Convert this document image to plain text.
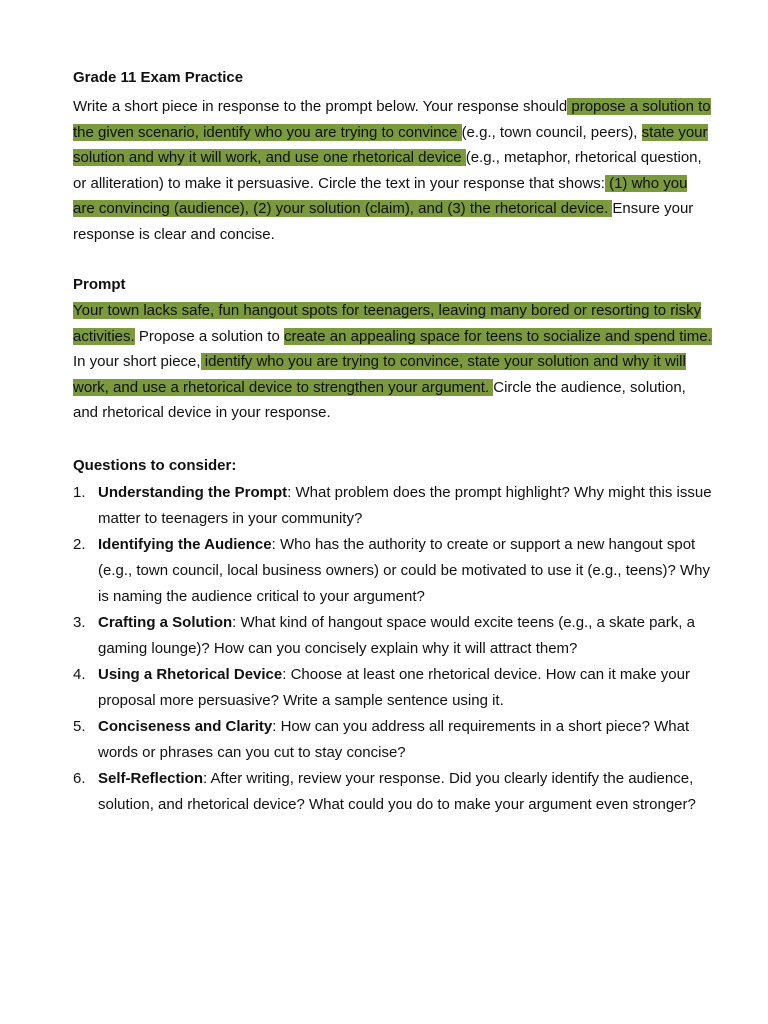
Grade 11 Exam Practice

Write a short piece in response to the prompt below. Your response should propose a solution to the given scenario, identify who you are trying to convince (e.g., town council, peers), state your solution and why it will work, and use one rhetorical device (e.g., metaphor, rhetorical question, or alliteration) to make it persuasive. Circle the text in your response that shows: (1) who you are convincing (audience), (2) your solution (claim), and (3) the rhetorical device. Ensure your response is clear and concise.

Prompt

Your town lacks safe, fun hangout spots for teenagers, leaving many bored or resorting to risky activities. Propose a solution to create an appealing space for teens to socialize and spend time. In your short piece, identify who you are trying to convince, state your solution and why it will work, and use a rhetorical device to strengthen your argument. Circle the audience, solution, and rhetorical device in your response.

Questions to consider:

1. Understanding the Prompt: What problem does the prompt highlight? Why might this issue matter to teenagers in your community?
2. Identifying the Audience: Who has the authority to create or support a new hangout spot (e.g., town council, local business owners) or could be motivated to use it (e.g., teens)? Why is naming the audience critical to your argument?
3. Crafting a Solution: What kind of hangout space would excite teens (e.g., a skate park, a gaming lounge)? How can you concisely explain why it will attract them?
4. Using a Rhetorical Device: Choose at least one rhetorical device. How can it make your proposal more persuasive? Write a sample sentence using it.
5. Conciseness and Clarity: How can you address all requirements in a short piece? What words or phrases can you cut to stay concise?
6. Self-Reflection: After writing, review your response. Did you clearly identify the audience, solution, and rhetorical device? What could you do to make your argument even stronger?
